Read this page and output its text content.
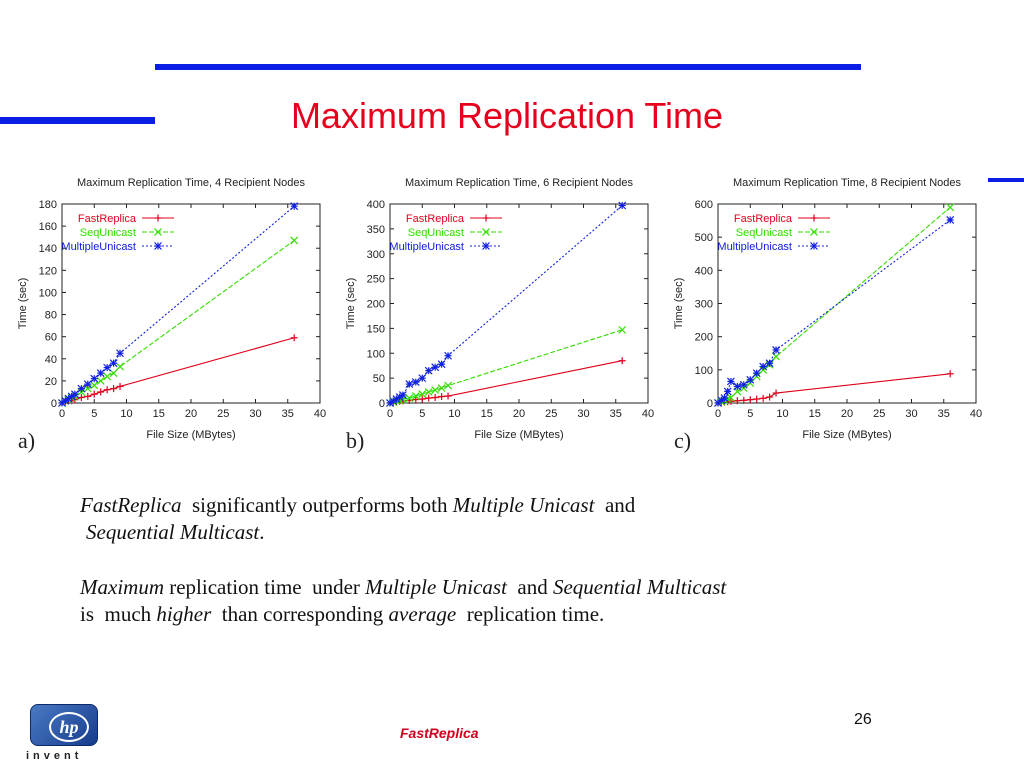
Maximum Replication Time
Maximum Replication Time, 4 Recipient Nodes
0 5 10 15 20 25 30 35 40
0
20
40
60
80
100
120
140
160
180
File Size (MBytes)
Time (sec)
FastReplica
SeqUnicast
MultipleUnicast
Maximum Replication Time, 6 Recipient Nodes
0 5 10 15 20 25 30 35 40
0
50
100
150
200
250
300
350
400
File Size (MBytes)
Time (sec)
FastReplica
SeqUnicast
MultipleUnicast
Maximum Replication Time, 8 Recipient Nodes
0 5 10 15 20 25 30 35 40
0
100
200
300
400
500
600
File Size (MBytes)
Time (sec)
FastReplica
SeqUnicast
MultipleUnicast
a)	b)	c)
FastReplica  significantly outperforms both Multiple Unicast  and
Sequential Multicast.
Maximum replication time  under Multiple Unicast  and Sequential Multicast
is  much higher  than corresponding average  replication time.
hp
invent
FastReplica
26
